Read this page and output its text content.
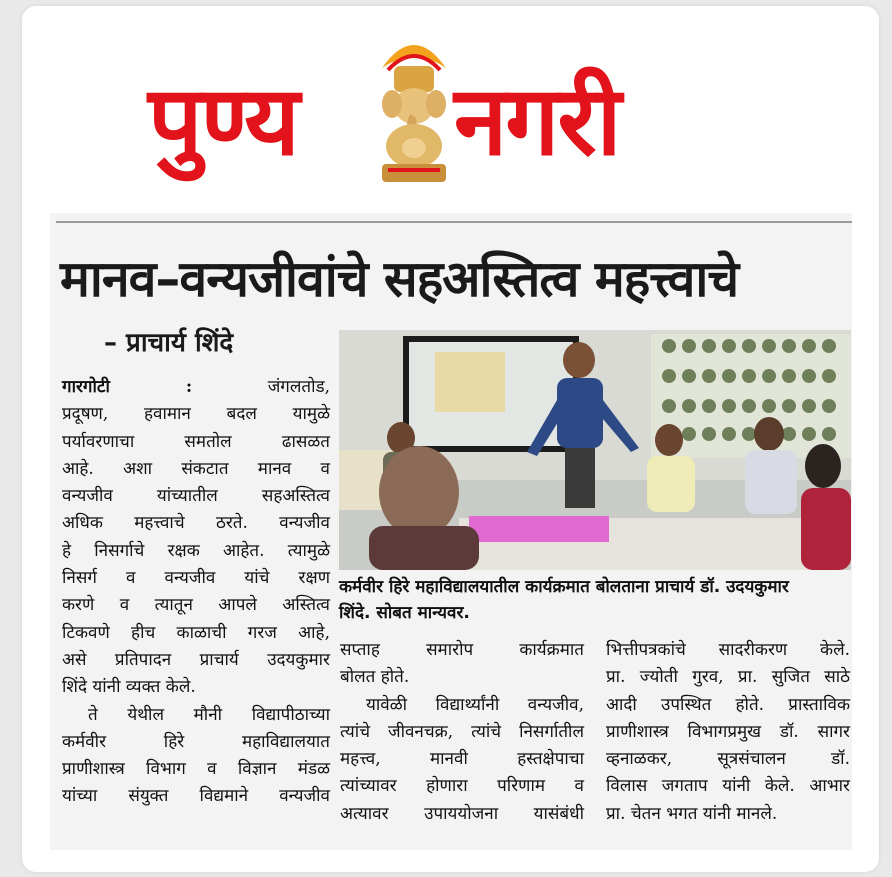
पुण्य नगरी
मानव–वन्यजीवांचे सहअस्तित्व महत्त्वाचे
– प्राचार्य शिंदे

गारगोटी :	जंगलतोड,

प्रदूषण, हवामान बदल यामुळे

पर्यावरणाचा समतोल ढासळत

आहे. अशा संकटात मानव व

वन्यजीव यांच्यातील सहअस्तित्व

अधिक महत्त्वाचे ठरते. वन्यजीव

हे निसर्गाचे रक्षक आहेत. त्यामुळे

निसर्ग व वन्यजीव यांचे रक्षण

करणे व त्यातून आपले अस्तित्व

टिकवणे हीच काळाची गरज आहे,

असे प्रतिपादन प्राचार्य उदयकुमार

शिंदे यांनी व्यक्त केले.

ते येथील मौनी विद्यापीठाच्या

कर्मवीर हिरे महाविद्यालयात

प्राणीशास्त्र विभाग व विज्ञान मंडळ

यांच्या संयुक्त विद्यमाने वन्यजीव

कर्मवीर हिरे महाविद्यालयातील कार्यक्रमात बोलताना प्राचार्य डॉ. उदयकुमार

शिंदे. सोबत मान्यवर.

सप्ताह समारोप कार्यक्रमात

बोलत होते.

यावेळी विद्यार्थ्यांनी वन्यजीव,

त्यांचे जीवनचक्र, त्यांचे निसर्गातील

महत्त्व, मानवी हस्तक्षेपाचा

त्यांच्यावर होणारा परिणाम व

अत्यावर उपाययोजना यासंबंधी

भित्तीपत्रकांचे सादरीकरण केले.

प्रा. ज्योती गुरव, प्रा. सुजित साठे

आदी उपस्थित होते. प्रास्ताविक

प्राणीशास्त्र विभागप्रमुख डॉ. सागर

व्हनाळकर, सूत्रसंचालन डॉ.

विलास जगताप यांनी केले. आभार

प्रा. चेतन भगत यांनी मानले.
